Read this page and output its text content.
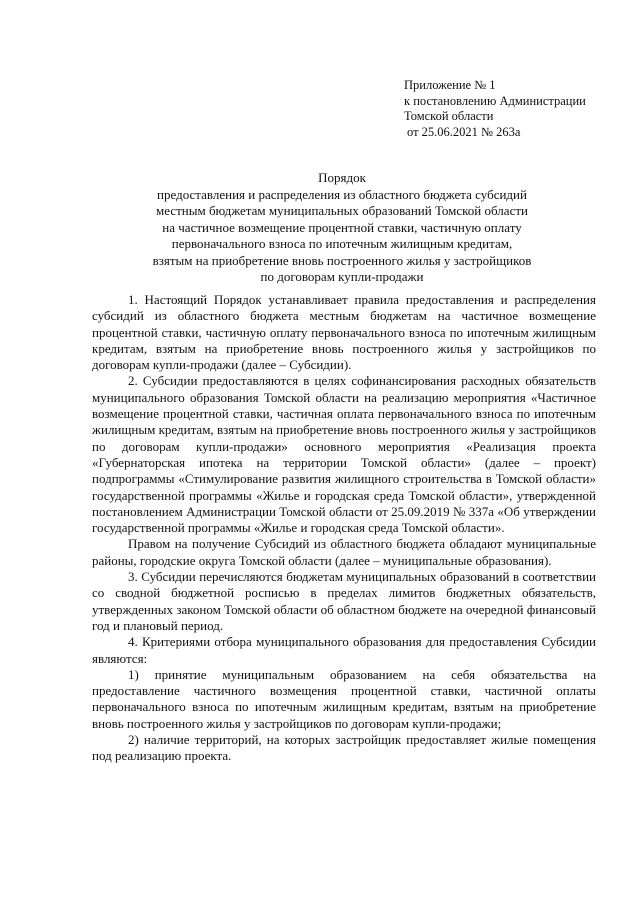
Приложение № 1
к постановлению Администрации
Томской области
от 25.06.2021 № 263а
Порядок
предоставления и распределения из областного бюджета субсидий
местным бюджетам муниципальных образований Томской области
на частичное возмещение процентной ставки, частичную оплату
первоначального взноса по ипотечным жилищным кредитам,
взятым на приобретение вновь построенного жилья у застройщиков
по договорам купли-продажи

1. Настоящий Порядок устанавливает правила предоставления и распределения субсидий из областного бюджета местным бюджетам на частичное возмещение процентной ставки, частичную оплату первоначального взноса по ипотечным жилищным кредитам, взятым на приобретение вновь построенного жилья у застройщиков по договорам купли-продажи (далее – Субсидии).

2. Субсидии предоставляются в целях софинансирования расходных обязательств муниципального образования Томской области на реализацию мероприятия «Частичное возмещение процентной ставки, частичная оплата первоначального взноса по ипотечным жилищным кредитам, взятым на приобретение вновь построенного жилья у застройщиков по договорам купли-продажи» основного мероприятия «Реализация проекта «Губернаторская ипотека на территории Томской области» (далее – проект) подпрограммы «Стимулирование развития жилищного строительства в Томской области» государственной программы «Жилье и городская среда Томской области», утвержденной постановлением Администрации Томской области от 25.09.2019 № 337а «Об утверждении государственной программы «Жилье и городская среда Томской области».

Правом на получение Субсидий из областного бюджета обладают муниципальные районы, городские округа Томской области (далее – муниципальные образования).

3. Субсидии перечисляются бюджетам муниципальных образований в соответствии со сводной бюджетной росписью в пределах лимитов бюджетных обязательств, утвержденных законом Томской области об областном бюджете на очередной финансовый год и плановый период.

4. Критериями отбора муниципального образования для предоставления Субсидии являются:

1) принятие муниципальным образованием на себя обязательства на предоставление частичного возмещения процентной ставки, частичной оплаты первоначального взноса по ипотечным жилищным кредитам, взятым на приобретение вновь построенного жилья у застройщиков по договорам купли-продажи;

2) наличие территорий, на которых застройщик предоставляет жилые помещения под реализацию проекта.
